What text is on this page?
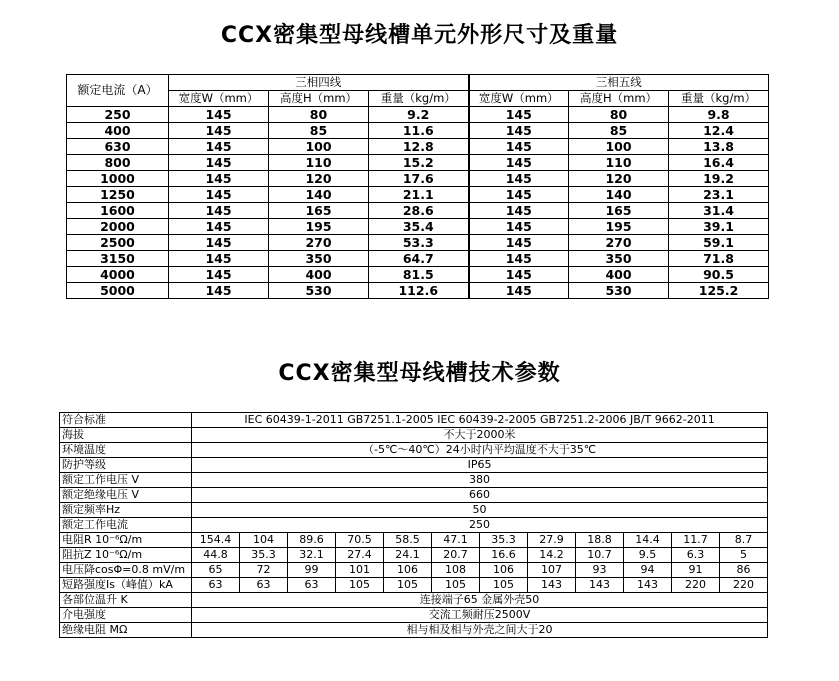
CCX密集型母线槽单元外形尺寸及重量
额定电流（A）	三相四线			三相五线		
	宽度W（mm）	高度H（mm）	重量（kg/m）	宽度W（mm）	高度H（mm）	重量（kg/m）
250	145	80	9.2	145	80	9.8
400	145	85	11.6	145	85	12.4
630	145	100	12.8	145	100	13.8
800	145	110	15.2	145	110	16.4
1000	145	120	17.6	145	120	19.2
1250	145	140	21.1	145	140	23.1
1600	145	165	28.6	145	165	31.4
2000	145	195	35.4	145	195	39.1
2500	145	270	53.3	145	270	59.1
3150	145	350	64.7	145	350	71.8
4000	145	400	81.5	145	400	90.5
5000	145	530	112.6	145	530	125.2
CCX密集型母线槽技术参数
符合标准	IEC 60439-1-2011 GB7251.1-2005 IEC 60439-2-2005 GB7251.2-2006 JB/T 9662-2011											
海拔	不大于2000米											
环境温度	（-5℃～40℃）24小时内平均温度不大于35℃											
防护等级	IP65											
额定工作电压 V	380											
额定绝缘电压 V	660											
额定频率Hz	50											
额定工作电流	250											
电阻R 10⁻⁶Ω/m	154.4	104	89.6	70.5	58.5	47.1	35.3	27.9	18.8	14.4	11.7	8.7
阻抗Z 10⁻⁶Ω/m	44.8	35.3	32.1	27.4	24.1	20.7	16.6	14.2	10.7	9.5	6.3	5
电压降cosΦ=0.8 mV/m	65	72	99	101	106	108	106	107	93	94	91	86
短路强度Is（峰值）kA	63	63	63	105	105	105	105	143	143	143	220	220
各部位温升 K	连接端子65 金属外壳50											
介电强度	交流工频耐压2500V											
绝缘电阻 MΩ	相与相及相与外壳之间大于20											
